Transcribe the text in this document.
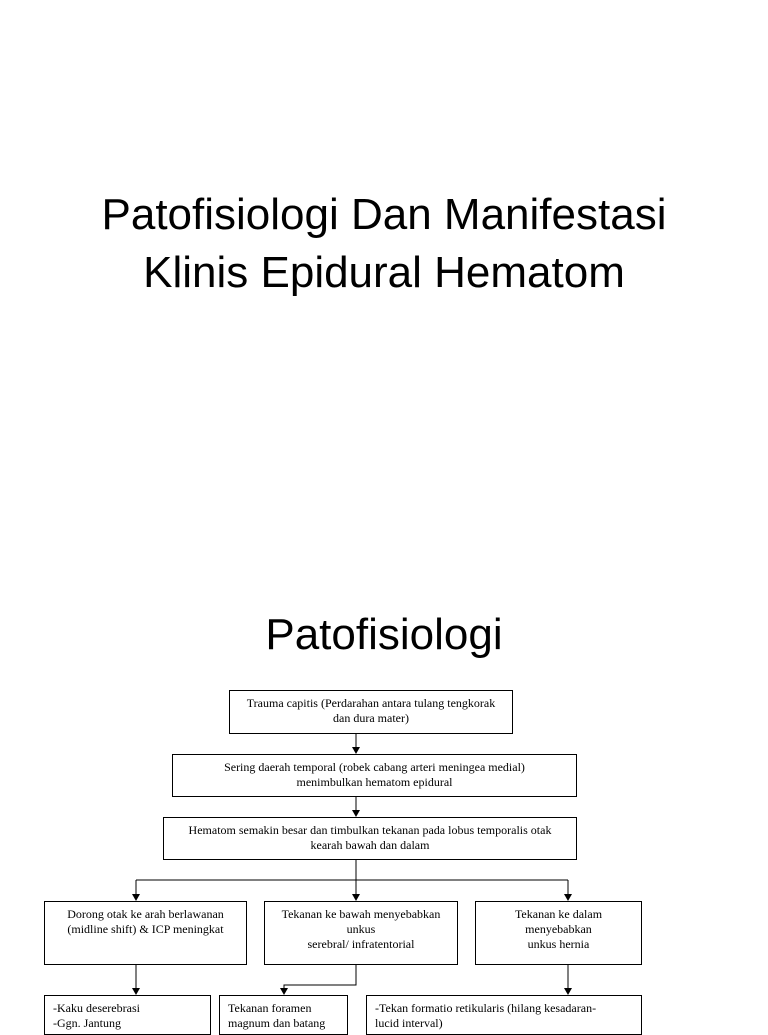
Patofisiologi Dan Manifestasi
Klinis Epidural Hematom
Patofisiologi
Trauma capitis (Perdarahan antara tulang tengkorak
dan dura mater)
Sering daerah temporal (robek cabang arteri meningea medial)
menimbulkan hematom epidural
Hematom semakin besar dan timbulkan tekanan pada lobus temporalis otak
kearah bawah dan dalam
Dorong otak ke arah berlawanan
(midline shift) & ICP meningkat
Tekanan ke bawah menyebabkan
unkus
serebral/ infratentorial
Tekanan ke dalam
menyebabkan
unkus hernia
-Kaku deserebrasi
-Ggn. Jantung
Tekanan foramen
magnum dan batang
-Tekan formatio retikularis (hilang kesadaran-
lucid interval)
